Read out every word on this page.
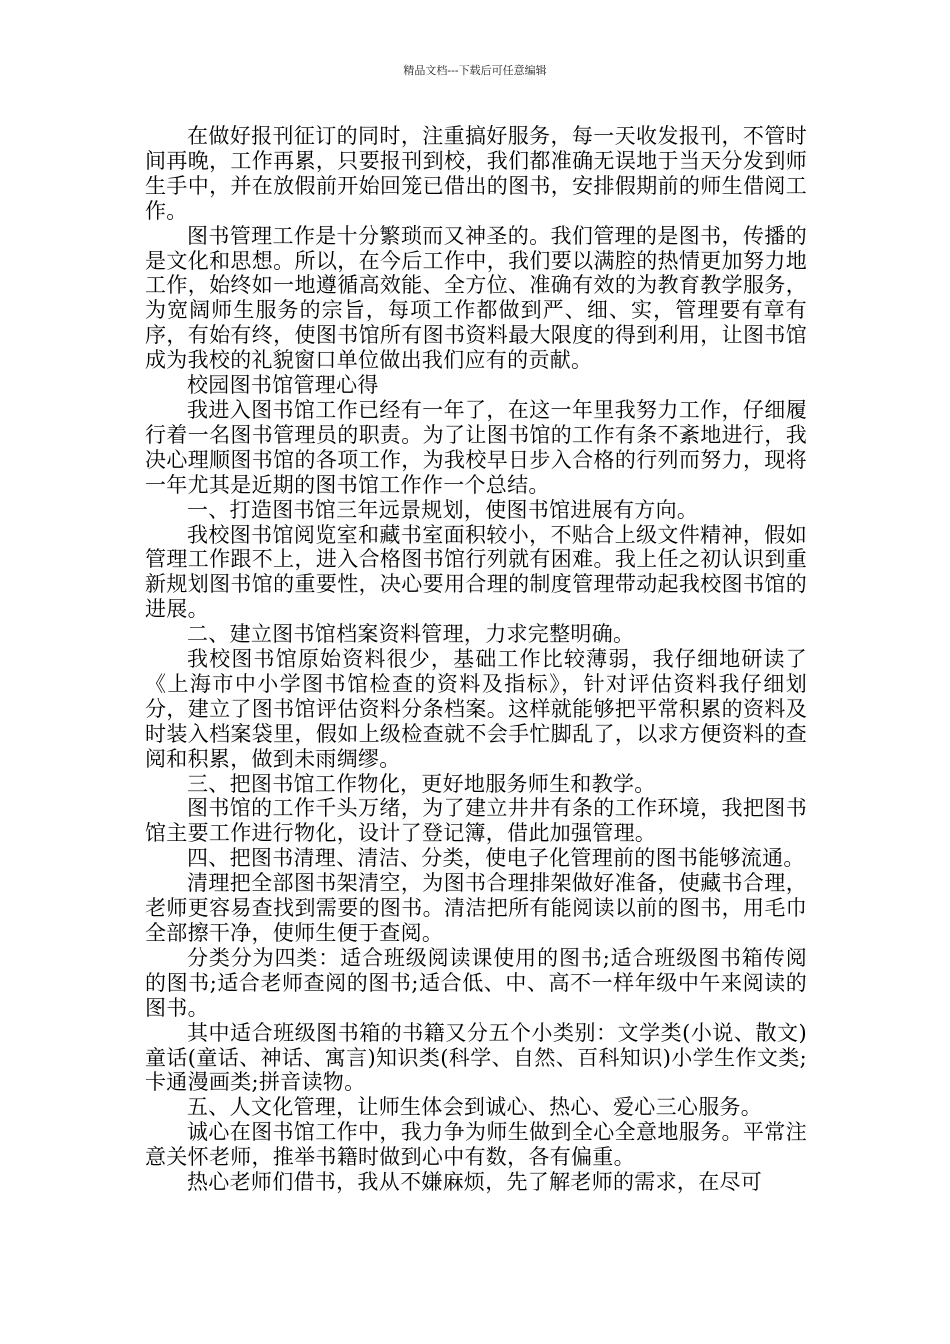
精品文档---下载后可任意编辑

在做好报刊征订的同时，注重搞好服务，每一天收发报刊，不管时间再晚，工作再累，只要报刊到校，我们都准确无误地于当天分发到师生手中，并在放假前开始回笼已借出的图书，安排假期前的师生借阅工作。

图书管理工作是十分繁琐而又神圣的。我们管理的是图书，传播的是文化和思想。所以，在今后工作中，我们要以满腔的热情更加努力地工作，始终如一地遵循高效能、全方位、准确有效的为教育教学服务，为宽阔师生服务的宗旨，每项工作都做到严、细、实，管理要有章有序，有始有终，使图书馆所有图书资料最大限度的得到利用，让图书馆成为我校的礼貌窗口单位做出我们应有的贡献。

校园图书馆管理心得

我进入图书馆工作已经有一年了，在这一年里我努力工作，仔细履行着一名图书管理员的职责。为了让图书馆的工作有条不紊地进行，我决心理顺图书馆的各项工作，为我校早日步入合格的行列而努力，现将一年尤其是近期的图书馆工作作一个总结。

一、打造图书馆三年远景规划，使图书馆进展有方向。

我校图书馆阅览室和藏书室面积较小，不贴合上级文件精神，假如管理工作跟不上，进入合格图书馆行列就有困难。我上任之初认识到重新规划图书馆的重要性，决心要用合理的制度管理带动起我校图书馆的进展。

二、建立图书馆档案资料管理，力求完整明确。

我校图书馆原始资料很少，基础工作比较薄弱，我仔细地研读了《上海市中小学图书馆检查的资料及指标》，针对评估资料我仔细划分，建立了图书馆评估资料分条档案。这样就能够把平常积累的资料及时装入档案袋里，假如上级检查就不会手忙脚乱了，以求方便资料的查阅和积累，做到未雨绸缪。

三、把图书馆工作物化，更好地服务师生和教学。

图书馆的工作千头万绪，为了建立井井有条的工作环境，我把图书馆主要工作进行物化，设计了登记簿，借此加强管理。

四、把图书清理、清洁、分类，使电子化管理前的图书能够流通。

清理把全部图书架清空，为图书合理排架做好准备，使藏书合理，老师更容易查找到需要的图书。清洁把所有能阅读以前的图书，用毛巾全部擦干净，使师生便于查阅。

分类分为四类：适合班级阅读课使用的图书;适合班级图书箱传阅的图书;适合老师查阅的图书;适合低、中、高不一样年级中午来阅读的图书。

其中适合班级图书箱的书籍又分五个小类别：文学类(小说、散文)童话(童话、神话、寓言)知识类(科学、自然、百科知识)小学生作文类;卡通漫画类;拼音读物。

五、人文化管理，让师生体会到诚心、热心、爱心三心服务。

诚心在图书馆工作中，我力争为师生做到全心全意地服务。平常注意关怀老师，推举书籍时做到心中有数，各有偏重。

热心老师们借书，我从不嫌麻烦，先了解老师的需求，在尽可
